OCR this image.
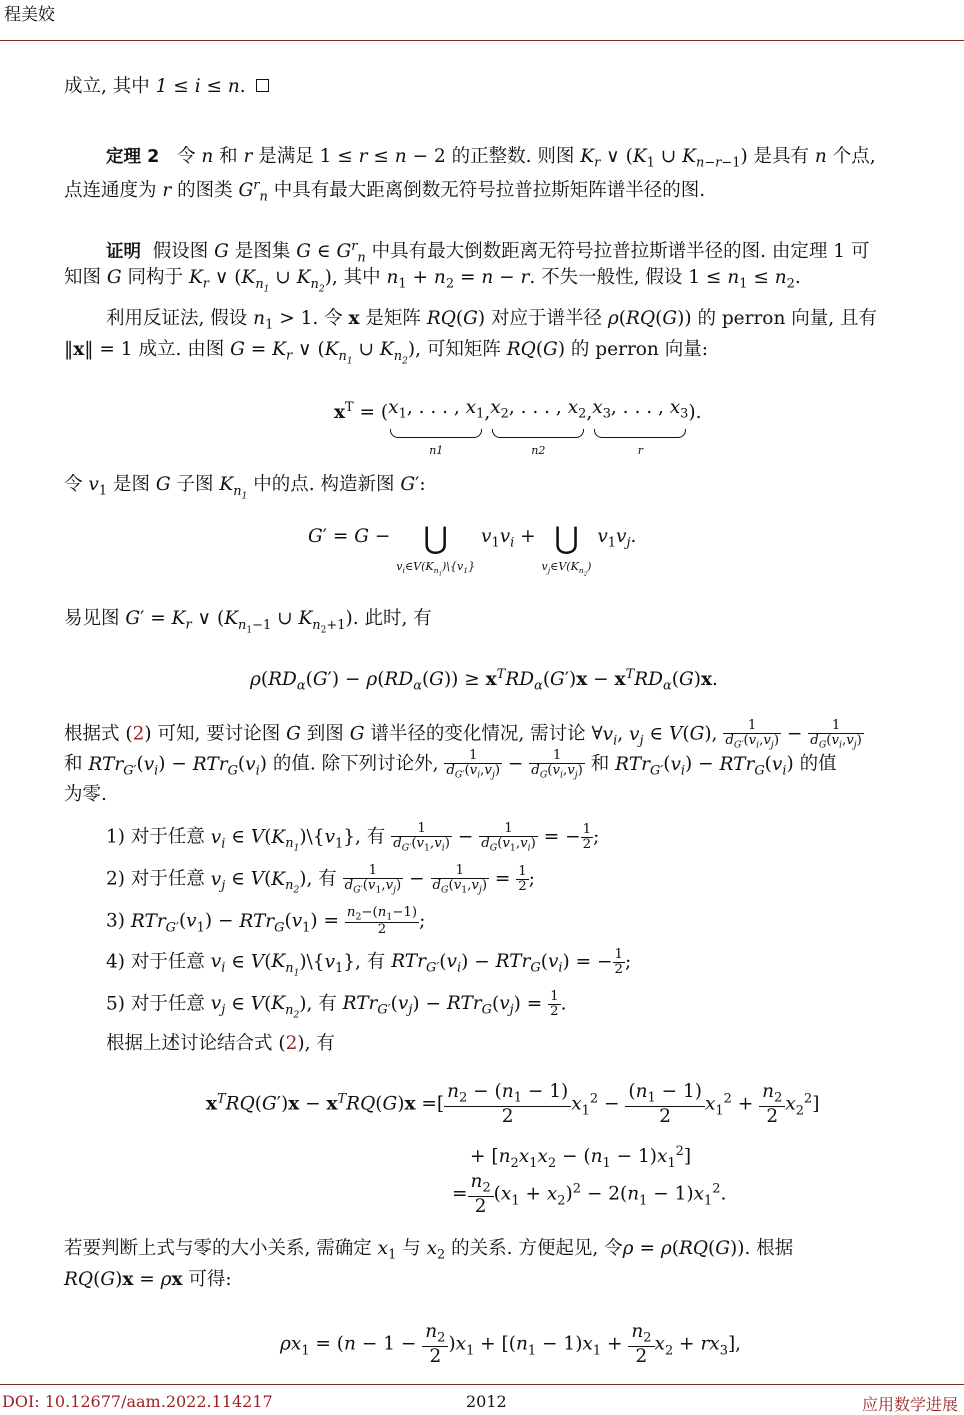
程美姣
成立, 其中 1 ≤ i ≤ n.
定理 2 令 n 和 r 是满足 1 ≤ r ≤ n − 2 的正整数. 则图 $K_r$ ∨ ($K_1$ ∪ $K_{n-r-1}$) 是具有 n 个点,
点连通度为 r 的图类 $G^r_n$ 中具有最大距离倒数无符号拉普拉斯矩阵谱半径的图.
证明 假设图 G 是图集 G ∈ $G^r_n$ 中具有最大倒数距离无符号拉普拉斯谱半径的图. 由定理 1 可
知图 G 同构于 $K_r$ ∨ ($K_{n_1}$ ∪ $K_{n_2}$), 其中 $n_1 + n_2 = n - r$. 不失一般性, 假设 $1 \le n_1 \le n_2$.
利用反证法, 假设 $n_1 > 1$. 令 x 是矩阵 RQ(G) 对应于谱半径 ρ(RQ(G)) 的 perron 向量, 且有
‖x‖ = 1 成立. 由图 $G = K_r$ ∨ ($K_{n_1}$ ∪ $K_{n_2}$), 可知矩阵 RQ(G) 的 perron 向量:
$x^T = (x_1$, . . . , $x_1$
n1
$,x_2$, . . . , $x_2$
n2
$,x_3$, . . . , $x_3$
r
).
令 $v_1$ 是图 G 子图 $K_{n_1}$ 中的点. 构造新图 G′:
G′ = G − ⋃
$v_i\in V(K_{n_1})\backslash\{v_1\}$
$v_1v_i$ + ⋃
$v_j\in V(K_{n_2})$
$v_1v_j$.
易见图 $G' = K_r$ ∨ ($K_{n_1-1}$ ∪ $K_{n_2+1}$). 此时, 有
$\rho(RD_\alpha(G') - \rho(RD_\alpha(G)) \ge x^TRD_\alpha(G')x - x^TRD_\alpha(G)x$.
根据式 (2) 可知, 要讨论图 G 到图 G 谱半径的变化情况, 需讨论 $\forall v_i$, $v_j$ ∈ V(G), $\frac{1}{d_{G'}(v_i,v_j)} - \frac{1}{d_G(v_i,v_j)}$
和 $RTr_{G'}(v_i) - RTr_G(v_i)$ 的值. 除下列讨论外, $\frac{1}{d_{G'}(v_i,v_j)} - \frac{1}{d_G(v_i,v_j)}$ 和 $RTr_{G'}(v_i) - RTr_G(v_i)$ 的值
为零.
1) 对于任意 $v_i$ ∈ $V(K_{n_1})\backslash\{v_1\}$, 有 $\frac{1}{d_{G'}(v_1,v_i)} - \frac{1}{d_G(v_1,v_i)}$ = − $\frac{1}{2}$ ;
2) 对于任意 $v_j$ ∈ $V(K_{n_2})$, 有 $\frac{1}{d_{G'}(v_1,v_j)} - \frac{1}{d_G(v_1,v_j)} = \frac{1}{2}$ ;
3) $RTr_{G'}(v_1) - RTr_G(v_1) = \frac{n_2-(n_1-1)}{2}$ ;
4) 对于任意 $v_i$ ∈ $V(K_{n_1})\backslash\{v_1\}$, 有 $RTr_{G'}(v_i) - RTr_G(v_i)$ = − $\frac{1}{2}$ ;
5) 对于任意 $v_j$ ∈ $V(K_{n_2})$, 有 $RTr_{G'}(v_j) - RTr_G(v_j) = \frac{1}{2}$ .
根据上述讨论结合式 (2), 有
$x^TRQ(G')x - x^TRQ(G)x$ =[ $\frac{n_2 - (n_1 - 1)}{2} x_1^2 - \frac{(n_1 - 1)}{2} x_1^2 + \frac{n_2}{2} x_2^2$]
+ $[n_2x_1x_2 - (n_1 - 1)x_1^2]$
= $\frac{n_2}{2} (x_1 + x_2)^2 - 2(n_1 - 1)x_1^2$.
若要判断上式与零的大小关系, 需确定 $x_1$ 与 $x_2$ 的关系. 方便起见, 令ρ = ρ(RQ(G)). 根据
RQ(G)x = ρx 可得:
$\rho x_1 = (n - 1 - \frac{n_2}{2} )x_1 + [(n_1 - 1)x_1 + \frac{n_2}{2} x_2 + rx_3]$,
DOI: 10.12677/aam.2022.114217	2012	应用数学进展
